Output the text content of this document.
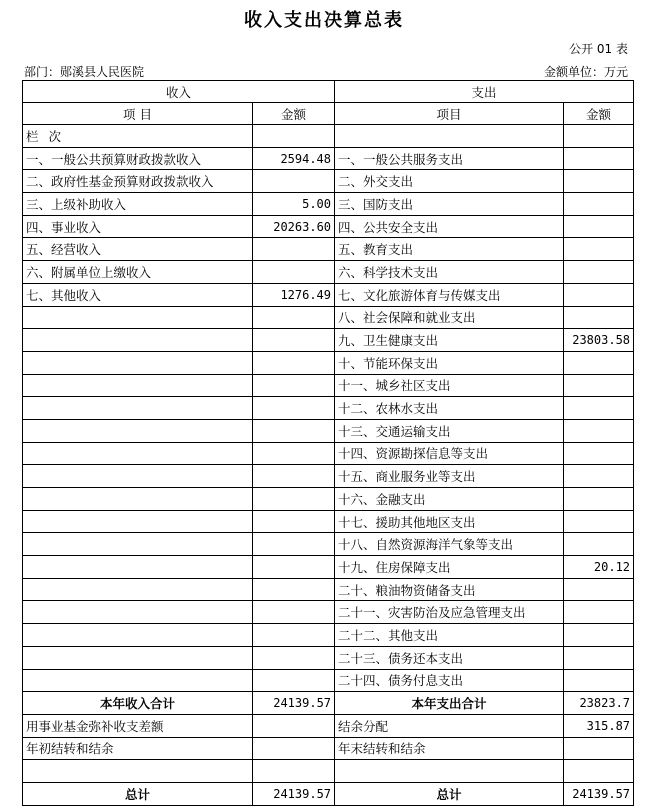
收入支出决算总表
公开 01 表
部门：郧溪县人民医院	金额单位：万元
收入		支出	
项 目	金额	项目	金额
栏 次			
一、一般公共预算财政拨款收入	2594.48	一、一般公共服务支出	
二、政府性基金预算财政拨款收入		二、外交支出	
三、上级补助收入	5.00	三、国防支出	
四、事业收入	20263.60	四、公共安全支出	
五、经营收入		五、教育支出	
六、附属单位上缴收入		六、科学技术支出	
七、其他收入	1276.49	七、文化旅游体育与传媒支出	
		八、社会保障和就业支出	
		九、卫生健康支出	23803.58
		十、节能环保支出	
		十一、城乡社区支出	
		十二、农林水支出	
		十三、交通运输支出	
		十四、资源勘探信息等支出	
		十五、商业服务业等支出	
		十六、金融支出	
		十七、援助其他地区支出	
		十八、自然资源海洋气象等支出	
		十九、住房保障支出	20.12
		二十、粮油物资储备支出	
		二十一、灾害防治及应急管理支出	
		二十二、其他支出	
		二十三、债务还本支出	
		二十四、债务付息支出	
本年收入合计	24139.57	本年支出合计	23823.7
用事业基金弥补收支差额		结余分配	315.87
年初结转和结余		年末结转和结余	

总计	24139.57	总计	24139.57
